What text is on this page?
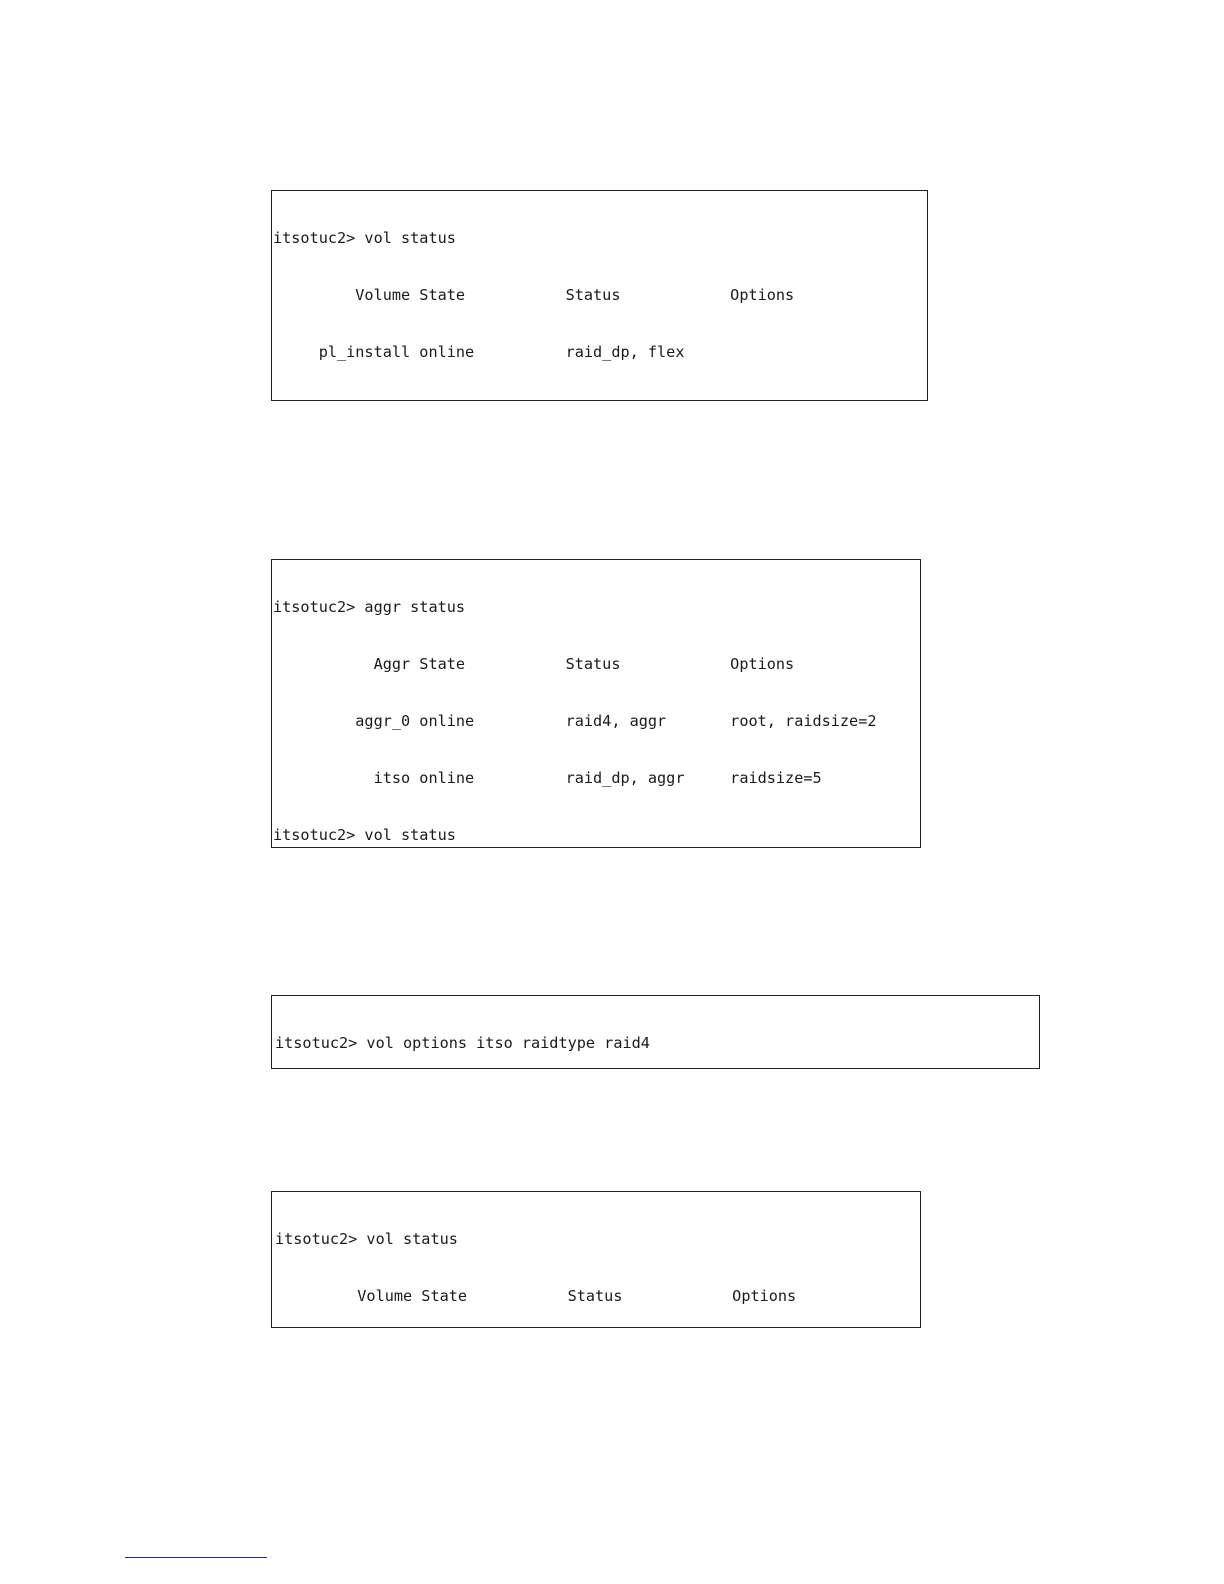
itsotuc2> vol status

Volume State           Status            Options

pl_install online          raid_dp, flex

itsotuc2> aggr status

Aggr State           Status            Options

aggr_0 online          raid4, aggr       root, raidsize=2

itso online          raid_dp, aggr     raidsize=5

itsotuc2> vol status

itsotuc2> vol options itso raidtype raid4

itsotuc2> vol status

Volume State           Status            Options
